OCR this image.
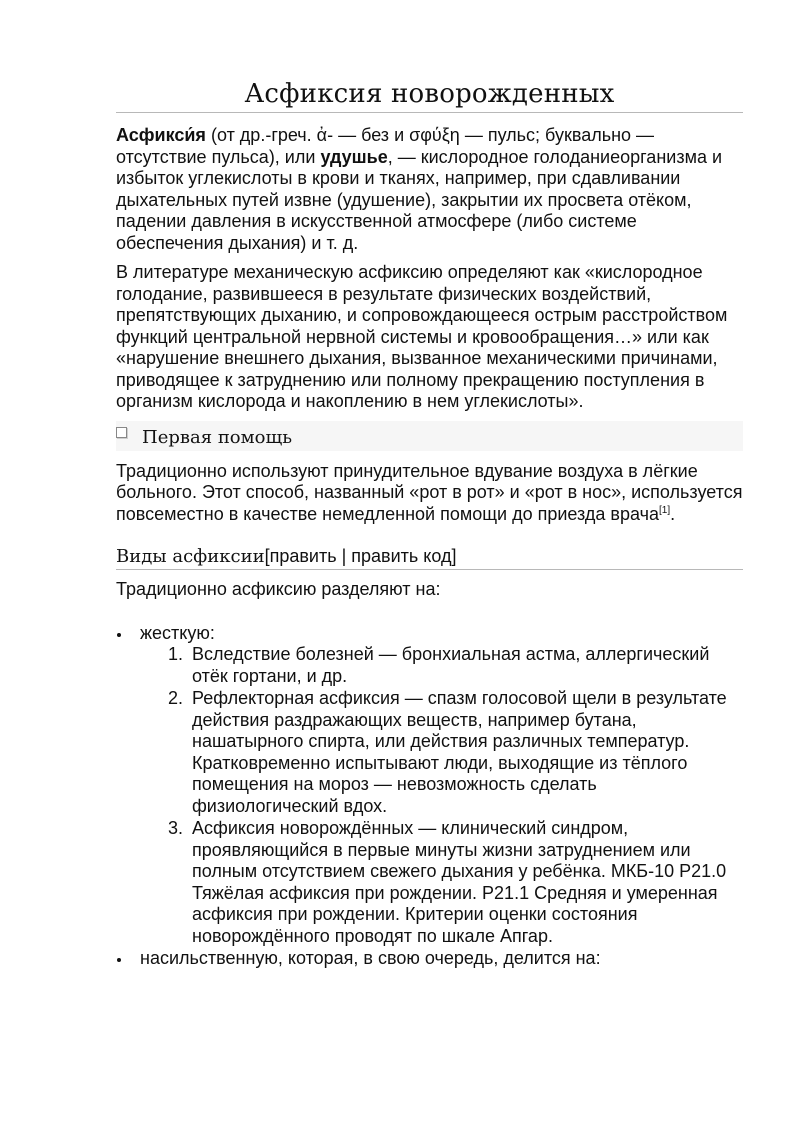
Асфиксия новорожденных

Асфикси́я (от др.-греч. ἀ- — без и σφύξη — пульс; буквально — отсутствие пульса), или удушье, — кислородное голоданиеорганизма и избыток углекислоты в крови и тканях, например, при сдавливании дыхательных путей извне (удушение), закрытии их просвета отёком, падении давления в искусственной атмосфере (либо системе обеспечения дыхания) и т. д.

В литературе механическую асфиксию определяют как «кислородное голодание, развившееся в результате физических воздействий, препятствующих дыханию, и сопровождающееся острым расстройством функций центральной нервной системы и кровообращения…» или как «нарушение внешнего дыхания, вызванное механическими причинами, приводящее к затруднению или полному прекращению поступления в организм кислорода и накоплению в нем углекислоты».

Первая помощь

Традиционно используют принудительное вдувание воздуха в лёгкие больного. Этот способ, названный «рот в рот» и «рот в нос», используется повсеместно в качестве немедленной помощи до приезда врача[1].

Виды асфиксии[править | править код]

Традиционно асфиксию разделяют на:

жесткую:
1. Вследствие болезней — бронхиальная астма, аллергический отёк гортани, и др.
2. Рефлекторная асфиксия — спазм голосовой щели в результате действия раздражающих веществ, например бутана, нашатырного спирта, или действия различных температур. Кратковременно испытывают люди, выходящие из тёплого помещения на мороз — невозможность сделать физиологический вдох.
3. Асфиксия новорождённых — клинический синдром, проявляющийся в первые минуты жизни затруднением или полным отсутствием свежего дыхания у ребёнка. МКБ-10 P21.0 Тяжёлая асфиксия при рождении. P21.1 Средняя и умеренная асфиксия при рождении. Критерии оценки состояния новорождённого проводят по шкале Апгар.
насильственную, которая, в свою очередь, делится на:
